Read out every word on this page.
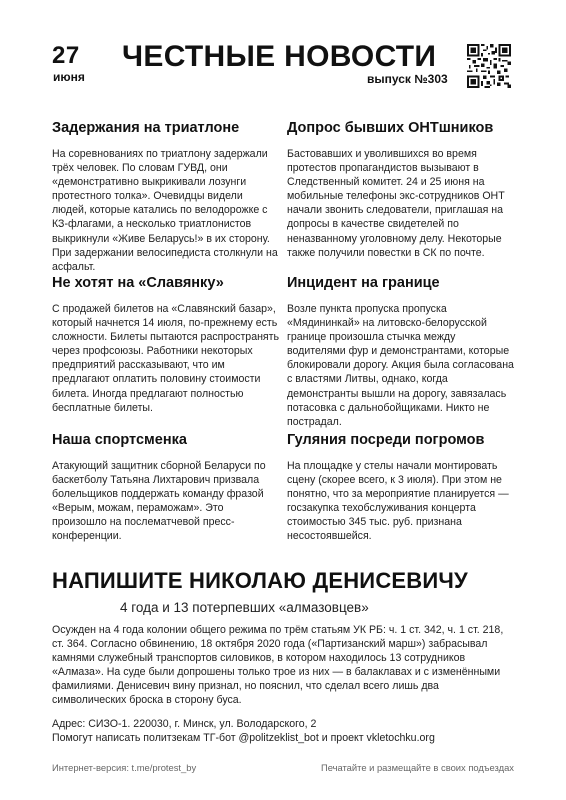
27
июня
ЧЕСТНЫЕ НОВОСТИ
выпуск №303
Задержания на триатлоне

На соревнованиях по триатлону задержали трёх человек. По словам ГУВД, они «демонстративно выкрикивали лозунги протестного толка». Очевидцы видели людей, которые катались по велодорожке с КЗ-флагами, а несколько триатлонистов выкрикнули «Живе Беларусь!» в их сторону. При задержании велосипедиста столкнули на асфальт.

Допрос бывших ОНТшников

Бастовавших и уволившихся во время протестов пропагандистов вызывают в Следственный комитет. 24 и 25 июня на мобильные телефоны экс-сотрудников ОНТ начали звонить следователи, приглашая на допросы в качестве свидетелей по неназванному уголовному делу. Некоторые также получили повестки в СК по почте.

Не хотят на «Славянку»

С продажей билетов на «Славянский базар», который начнется 14 июля, по-прежнему есть сложности. Билеты пытаются распространять через профсоюзы. Работники некоторых предприятий рассказывают, что им предлагают оплатить половину стоимости билета. Иногда предлагают полностью бесплатные билеты.

Инцидент на границе

Возле пункта пропуска пропуска «Мядининкай» на литовско-белорусской границе произошла стычка между водителями фур и демонстрантами, которые блокировали дорогу. Акция была согласована с властями Литвы, однако, когда демонстранты вышли на дорогу, завязалась потасовка с дальнобойщиками. Никто не пострадал.

Наша спортсменка

Атакующий защитник сборной Беларуси по баскетболу Татьяна Лихтарович призвала болельщиков поддержать команду фразой «Верым, можам, пераможам». Это произошло на послематчевой пресс-конференции.

Гуляния посреди погромов

На площадке у стелы начали монтировать сцену (скорее всего, к 3 июля). При этом не понятно, что за мероприятие планируется — госзакупка техобслуживания концерта стоимостью 345 тыс. руб. признана несостоявшейся.

НАПИШИТЕ НИКОЛАЮ ДЕНИСЕВИЧУ
4 года и 13 потерпевших «алмазовцев»
Осужден на 4 года колонии общего режима по трём статьям УК РБ: ч. 1 ст. 342, ч. 1 ст. 218, ст. 364. Согласно обвинению, 18 октября 2020 года («Партизанский марш») забрасывал камнями служебный транспортов силовиков, в котором находилось 13 сотрудников «Алмаза». На суде были допрошены только трое из них — в балаклавах и с изменёнными фамилиями. Денисевич вину признал, но пояснил, что сделал всего лишь два символических броска в сторону буса.
Адрес: СИЗО-1. 220030, г. Минск, ул. Володарского, 2
Помогут написать политзекам ТГ-бот @politzeklist_bot и проект vkletochku.org
Интернет-версия: t.me/protest_by	Печатайте и размещайте в своих подъездах
